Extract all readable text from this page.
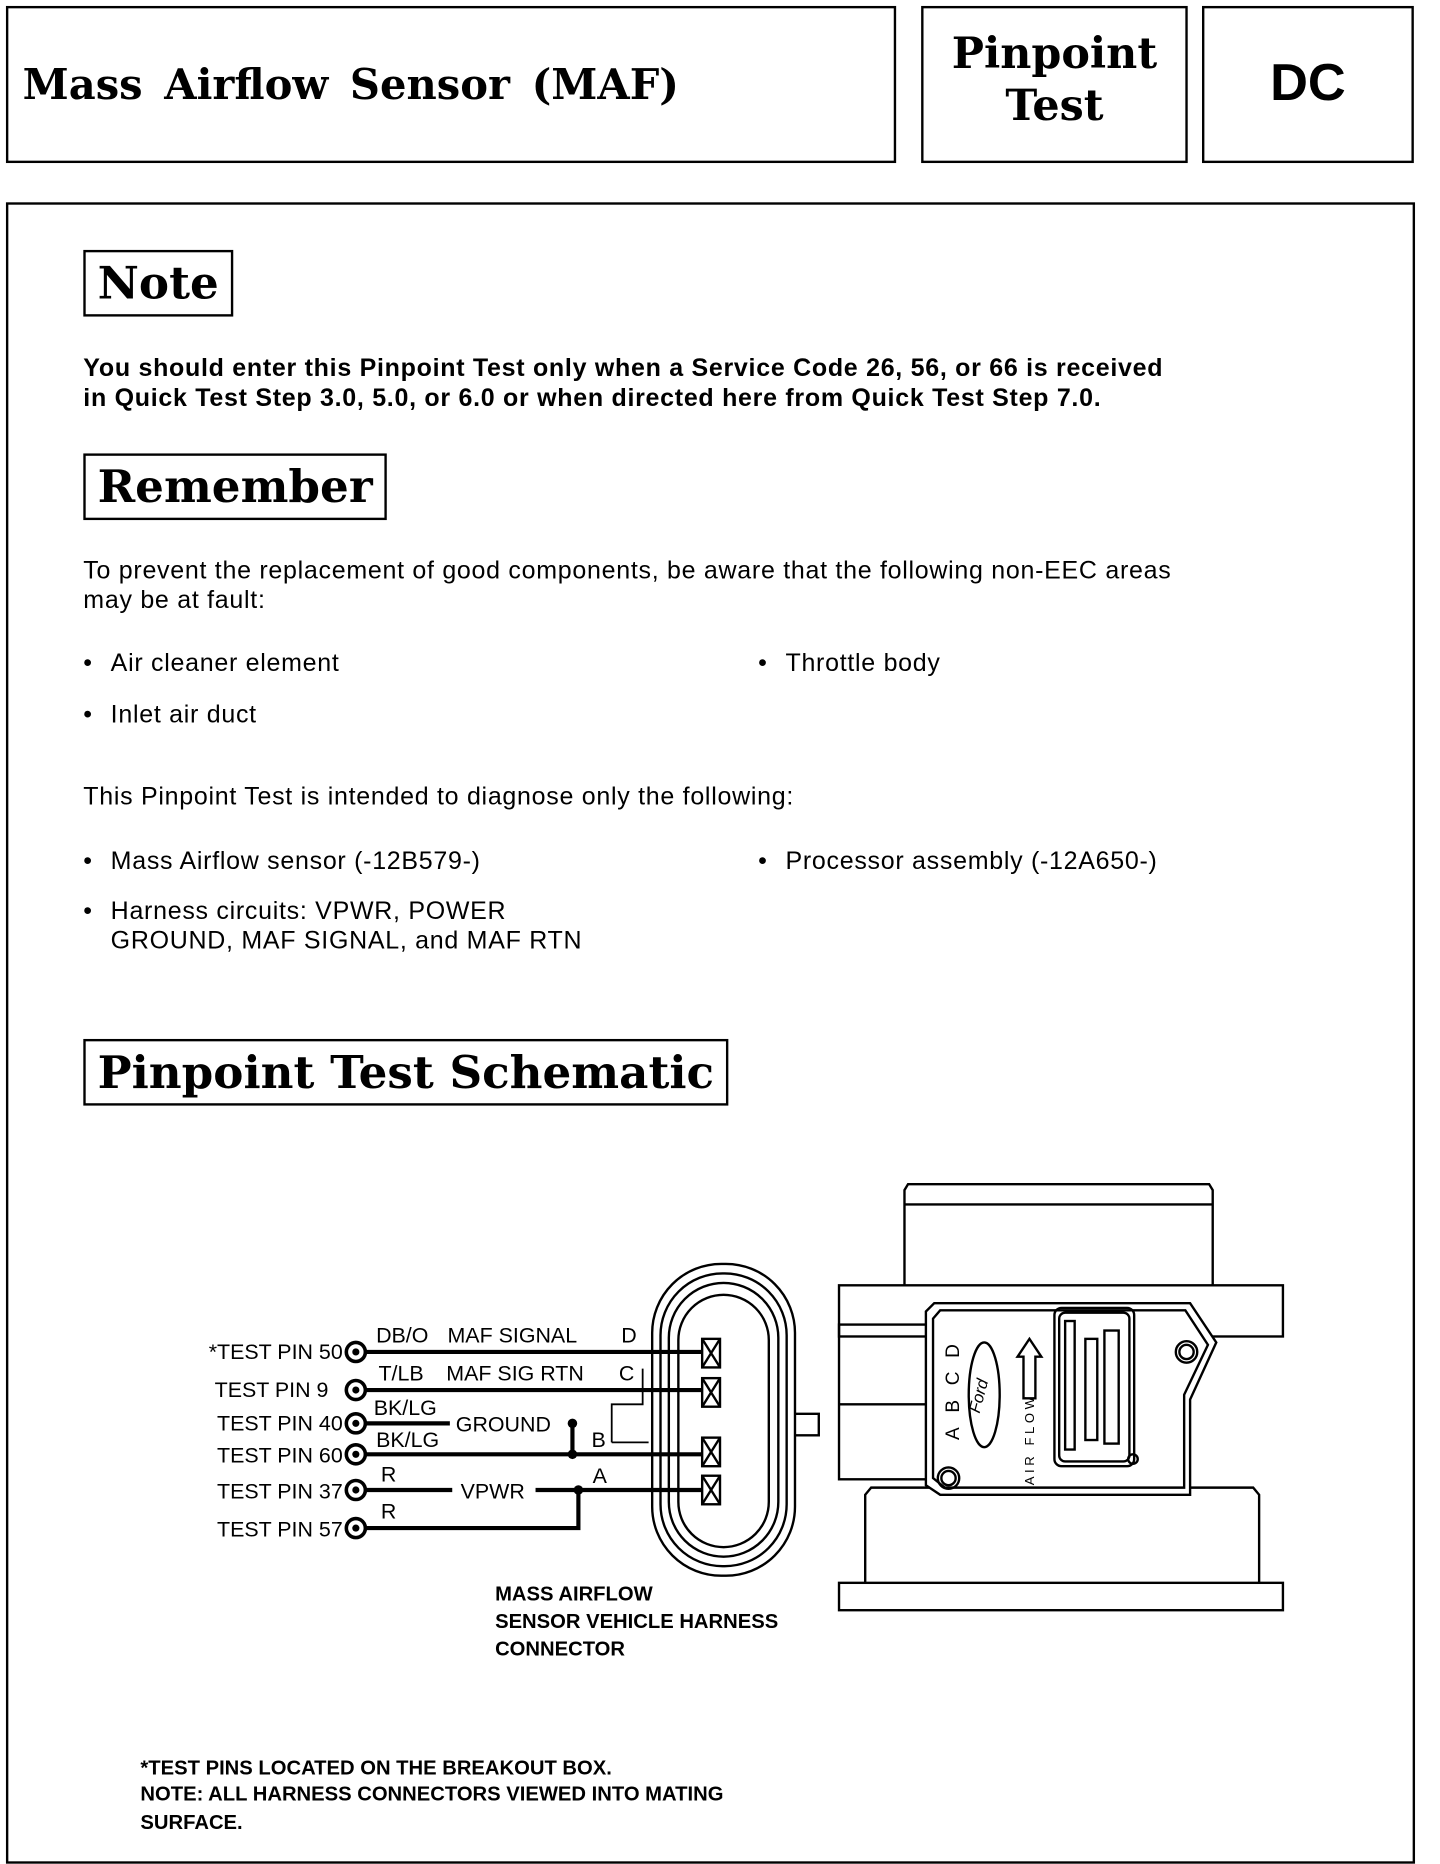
Mass Airflow Sensor (MAF)
Pinpoint
Test	DC
Note
You should enter this Pinpoint Test only when a Service Code 26, 56, or 66 is received
in Quick Test Step 3.0, 5.0, or 6.0 or when directed here from Quick Test Step 7.0.
Remember
To prevent the replacement of good components, be aware that the following non-EEC areas
may be at fault:
• Air cleaner element	• Throttle body
• Inlet air duct
This Pinpoint Test is intended to diagnose only the following:
• Mass Airflow sensor (-12B579-)	• Processor assembly (-12A650-)
• Harness circuits: VPWR, POWER
GROUND, MAF SIGNAL, and MAF RTN
Pinpoint Test Schematic
*TEST PIN 50
TEST PIN 9
TEST PIN 40
TEST PIN 60
TEST PIN 37
TEST PIN 57
DB/O
T/LB
BK/LG
BK/LG
R
R
MAF SIGNAL
MAF SIG RTN
GROUND
VPWR
D
C
B
A
A
B
C
D
AIR FLOW
Ford
MASS AIRFLOW
SENSOR VEHICLE HARNESS
CONNECTOR
*TEST PINS LOCATED ON THE BREAKOUT BOX.
NOTE: ALL HARNESS CONNECTORS VIEWED INTO MATING
SURFACE.
